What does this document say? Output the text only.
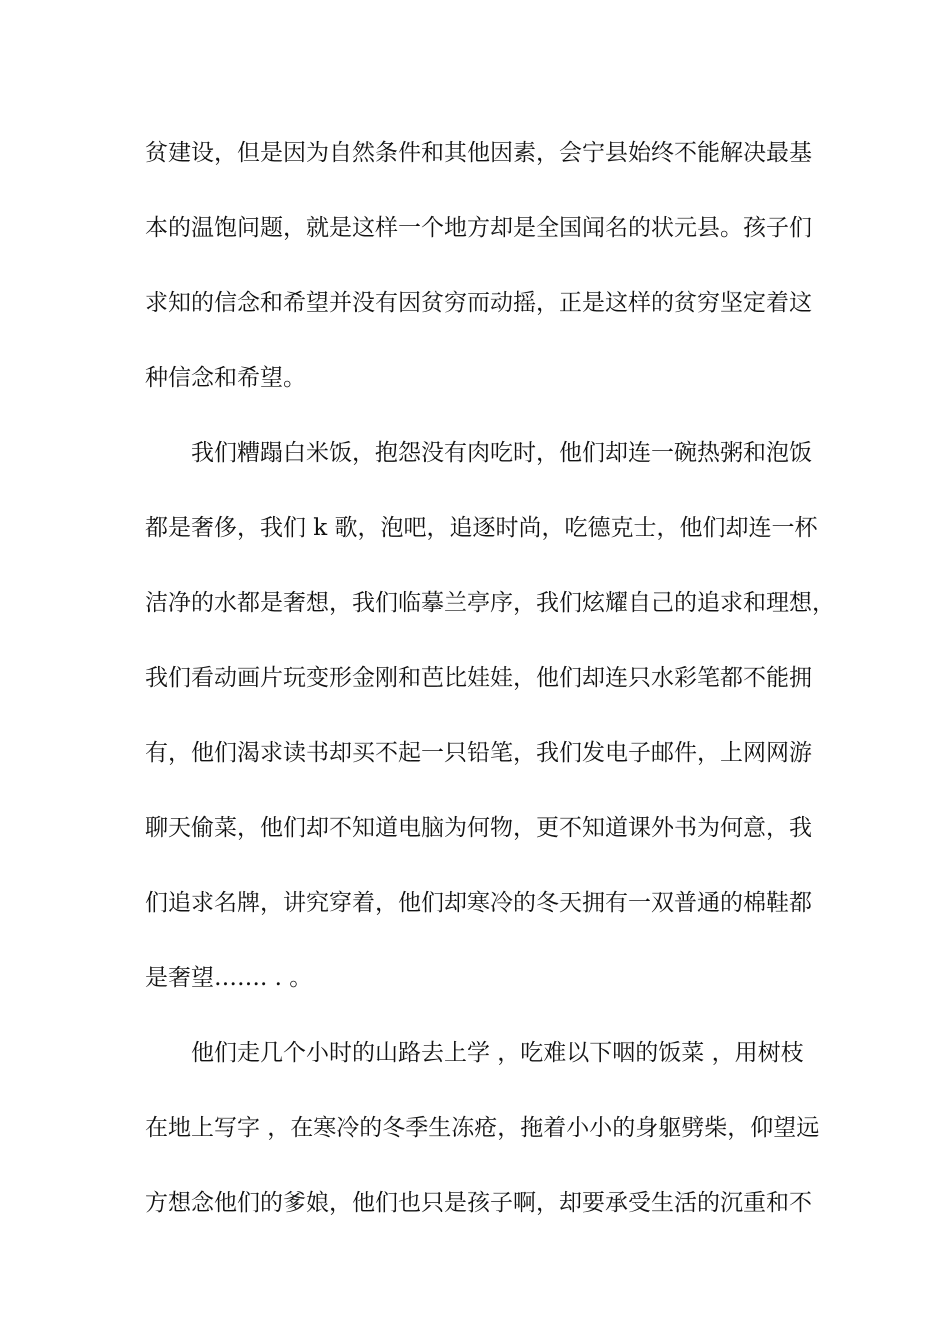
贫建设，但是因为自然条件和其他因素，会宁县始终不能解决最基
本的温饱问题，就是这样一个地方却是全国闻名的状元县。孩子们
求知的信念和希望并没有因贫穷而动摇，正是这样的贫穷坚定着这
种信念和希望。
我们糟蹋白米饭，抱怨没有肉吃时，他们却连一碗热粥和泡饭
都是奢侈，我们 k 歌，泡吧，追逐时尚，吃德克士，他们却连一杯
洁净的水都是奢想，我们临摹兰亭序，我们炫耀自己的追求和理想，
我们看动画片玩变形金刚和芭比娃娃，他们却连只水彩笔都不能拥
有，他们渴求读书却买不起一只铅笔，我们发电子邮件，上网网游
聊天偷菜，他们却不知道电脑为何物，更不知道课外书为何意，我
们追求名牌，讲究穿着，他们却寒冷的冬天拥有一双普通的棉鞋都
是奢望……. . 。
他们走几个小时的山路去上学 ，吃难以下咽的饭菜 ，用树枝
在地上写字 ，在寒冷的冬季生冻疮，拖着小小的身躯劈柴，仰望远
方想念他们的爹娘，他们也只是孩子啊，却要承受生活的沉重和不
